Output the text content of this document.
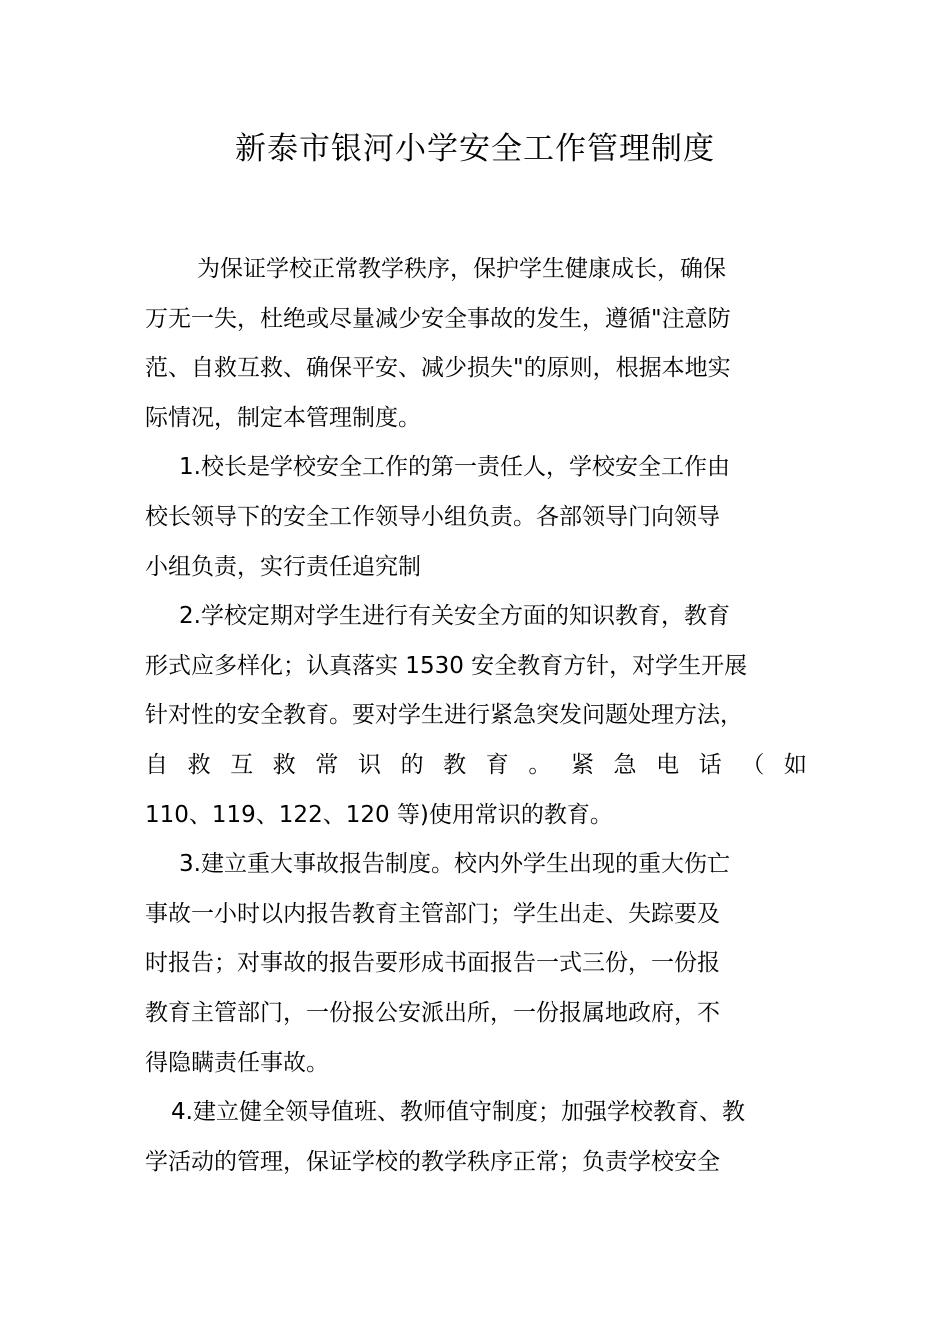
新泰市银河小学安全工作管理制度
为保证学校正常教学秩序，保护学生健康成长，确保
万无一失，杜绝或尽量减少安全事故的发生，遵循"注意防
范、自救互救、确保平安、减少损失"的原则，根据本地实
际情况，制定本管理制度。
1.校长是学校安全工作的第一责任人，学校安全工作由
校长领导下的安全工作领导小组负责。各部领导门向领导
小组负责，实行责任追究制
2.学校定期对学生进行有关安全方面的知识教育，教育
形式应多样化；认真落实 1530 安全教育方针，对学生开展
针对性的安全教育。要对学生进行紧急突发问题处理方法，
自 救 互 救 常 识 的 教 育 。 紧 急 电 话 （ 如
110、119、122、120 等)使用常识的教育。
3.建立重大事故报告制度。校内外学生出现的重大伤亡
事故一小时以内报告教育主管部门；学生出走、失踪要及
时报告；对事故的报告要形成书面报告一式三份，一份报
教育主管部门，一份报公安派出所，一份报属地政府，不
得隐瞒责任事故。
4.建立健全领导值班、教师值守制度；加强学校教育、教
学活动的管理，保证学校的教学秩序正常；负责学校安全
